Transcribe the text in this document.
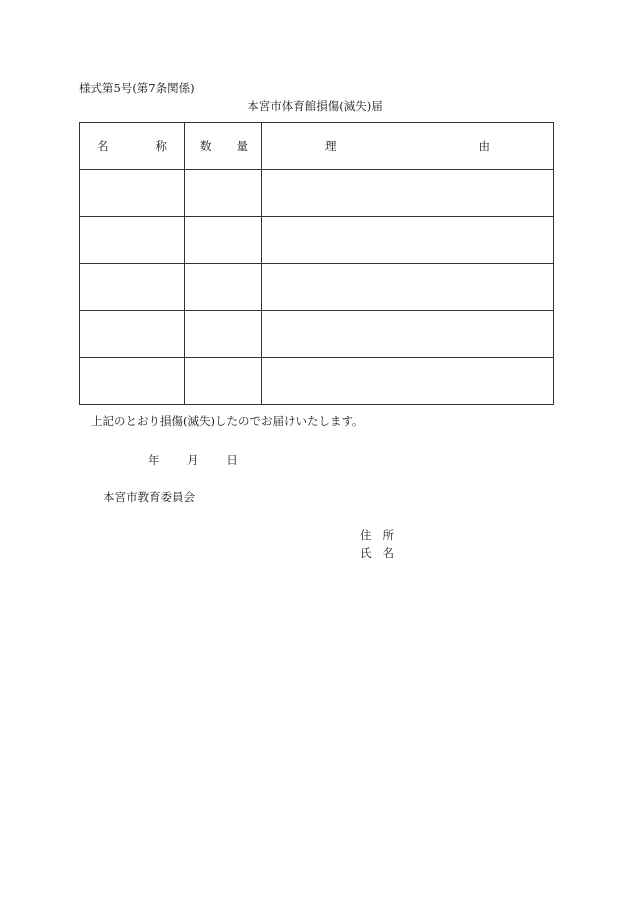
様式第5号(第7条関係)
本宮市体育館損傷(滅失)届
名 称	数 量	理 由

上記のとおり損傷(滅失)したのでお届けいたします。
年 月 日
本宮市教育委員会
住 所
氏 名
